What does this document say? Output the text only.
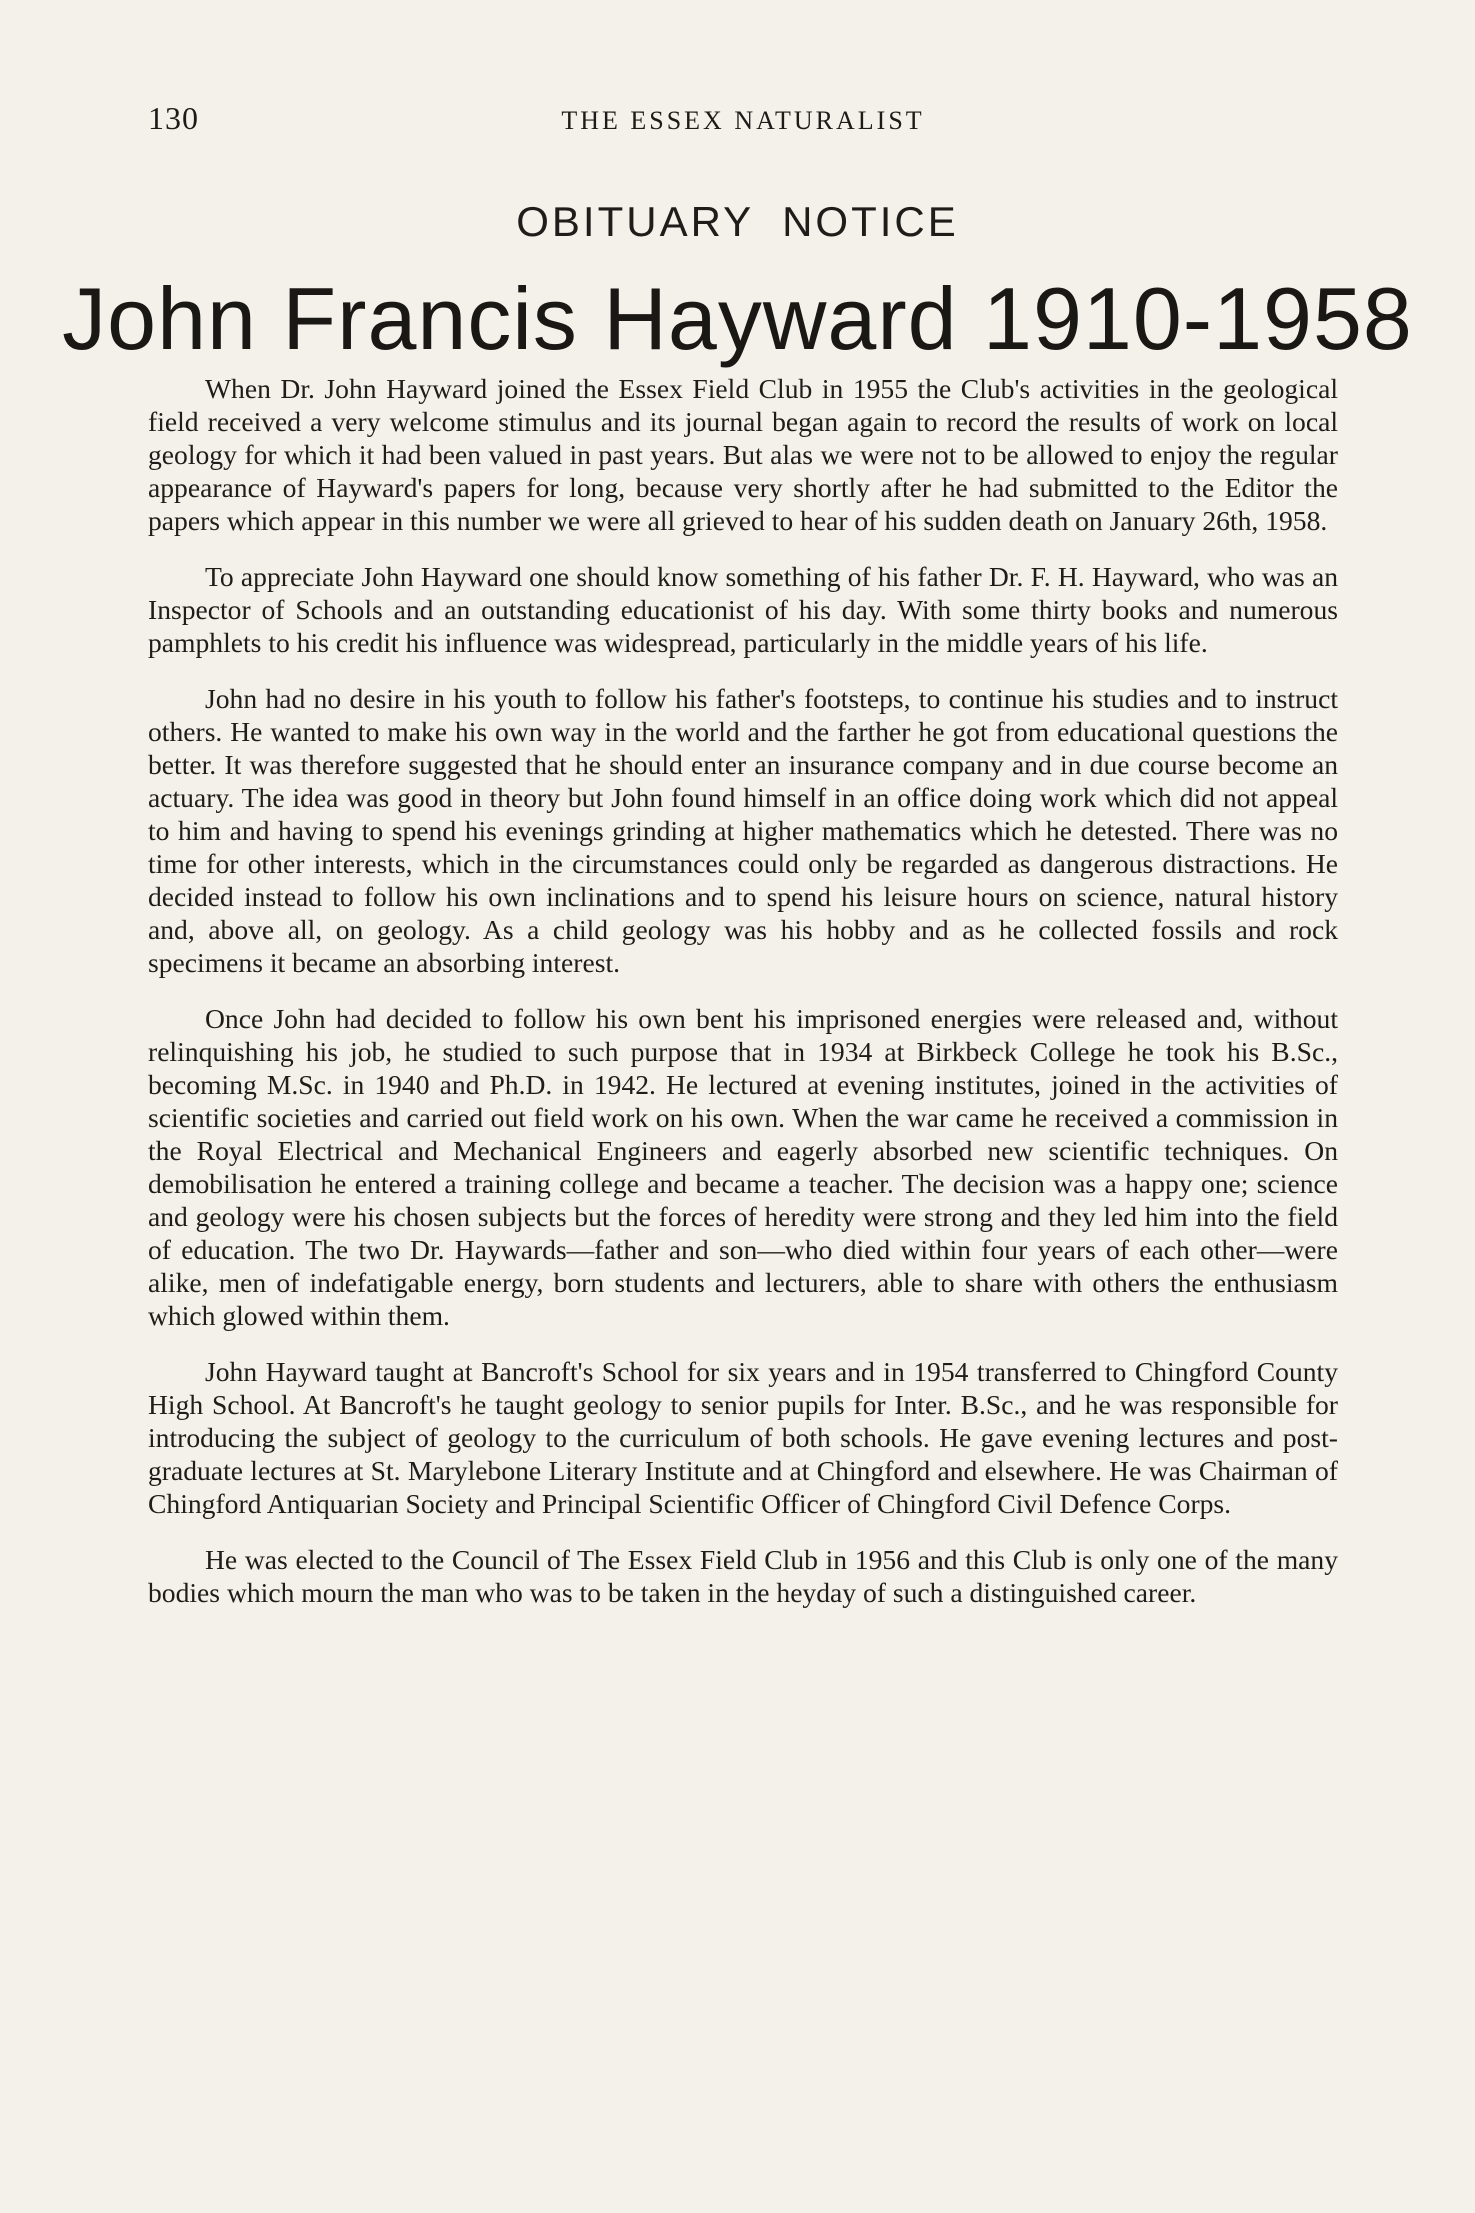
130	THE ESSEX NATURALIST
OBITUARY NOTICE
John Francis Hayward 1910-1958

When Dr. John Hayward joined the Essex Field Club in 1955 the Club's activities in the geological field received a very welcome stimulus and its journal began again to record the results of work on local geology for which it had been valued in past years. But alas we were not to be allowed to enjoy the regular appearance of Hayward's papers for long, because very shortly after he had submitted to the Editor the papers which appear in this number we were all grieved to hear of his sudden death on January 26th, 1958.

To appreciate John Hayward one should know something of his father Dr. F. H. Hayward, who was an Inspector of Schools and an outstanding educationist of his day. With some thirty books and numerous pamphlets to his credit his influence was widespread, particularly in the middle years of his life.

John had no desire in his youth to follow his father's footsteps, to continue his studies and to instruct others. He wanted to make his own way in the world and the farther he got from educational questions the better. It was therefore suggested that he should enter an insurance company and in due course become an actuary. The idea was good in theory but John found himself in an office doing work which did not appeal to him and having to spend his evenings grinding at higher mathematics which he detested. There was no time for other interests, which in the circumstances could only be regarded as dangerous distractions. He decided instead to follow his own inclinations and to spend his leisure hours on science, natural history and, above all, on geology. As a child geology was his hobby and as he collected fossils and rock specimens it became an absorbing interest.

Once John had decided to follow his own bent his imprisoned energies were released and, without relinquishing his job, he studied to such purpose that in 1934 at Birkbeck College he took his B.Sc., becoming M.Sc. in 1940 and Ph.D. in 1942. He lectured at evening institutes, joined in the activities of scientific societies and carried out field work on his own. When the war came he received a commission in the Royal Electrical and Mechanical Engineers and eagerly absorbed new scientific techniques. On demobilisation he entered a training college and became a teacher. The decision was a happy one; science and geology were his chosen subjects but the forces of heredity were strong and they led him into the field of education. The two Dr. Haywards—father and son—who died within four years of each other—were alike, men of indefatigable energy, born students and lecturers, able to share with others the enthusiasm which glowed within them.

John Hayward taught at Bancroft's School for six years and in 1954 transferred to Chingford County High School. At Bancroft's he taught geology to senior pupils for Inter. B.Sc., and he was responsible for introducing the subject of geology to the curriculum of both schools. He gave evening lectures and post-graduate lectures at St. Marylebone Literary Institute and at Chingford and elsewhere. He was Chairman of Chingford Antiquarian Society and Principal Scientific Officer of Chingford Civil Defence Corps.

He was elected to the Council of The Essex Field Club in 1956 and this Club is only one of the many bodies which mourn the man who was to be taken in the heyday of such a distinguished career.
